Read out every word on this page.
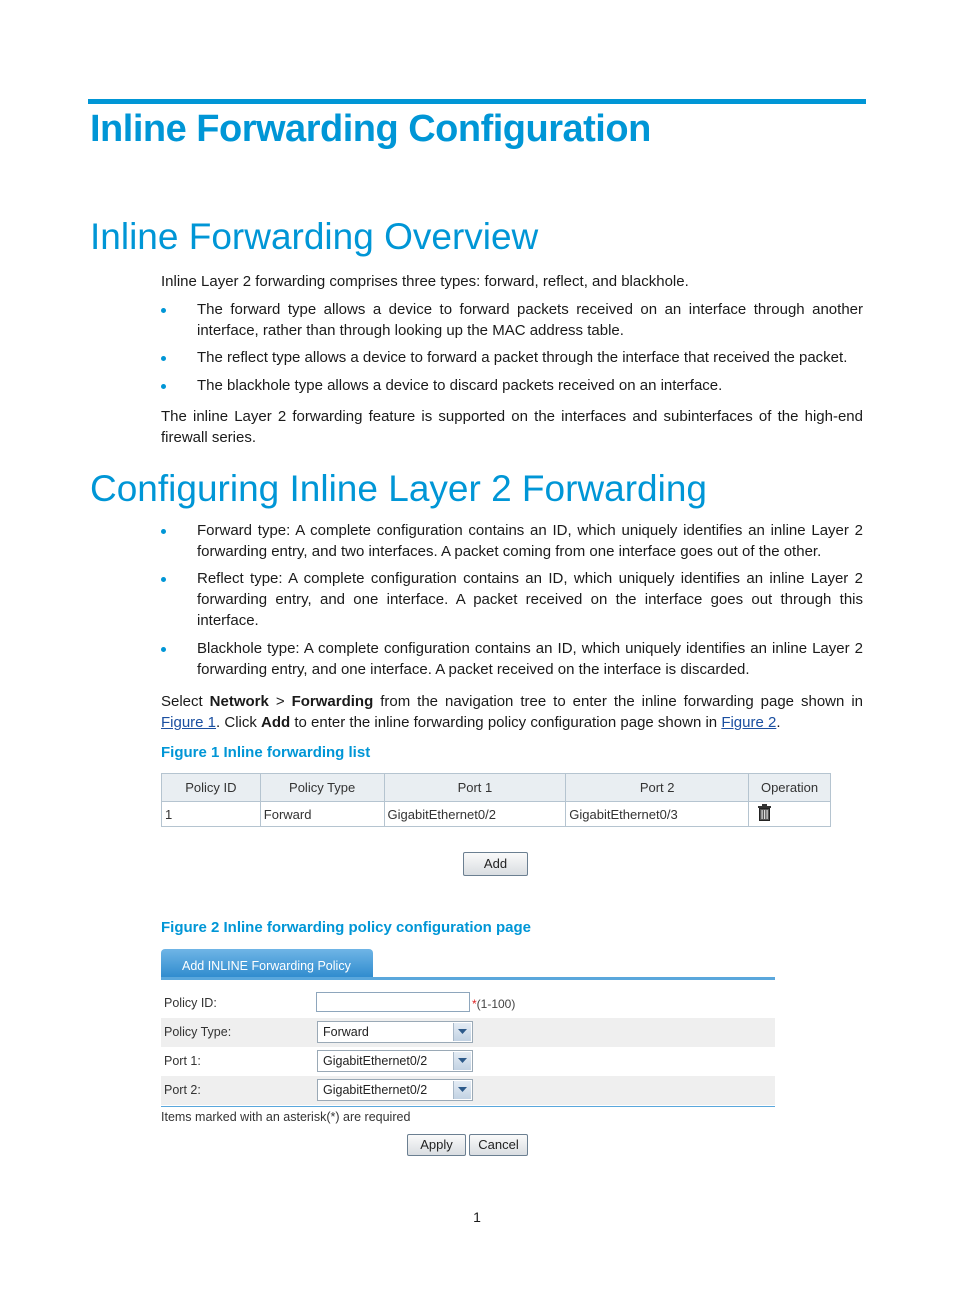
Inline Forwarding Configuration
Inline Forwarding Overview

Inline Layer 2 forwarding comprises three types: forward, reflect, and blackhole.

The forward type allows a device to forward packets received on an interface through another interface, rather than through looking up the MAC address table.
The reflect type allows a device to forward a packet through the interface that received the packet.
The blackhole type allows a device to discard packets received on an interface.

The inline Layer 2 forwarding feature is supported on the interfaces and subinterfaces of the high-end firewall series.

Configuring Inline Layer 2 Forwarding
Forward type: A complete configuration contains an ID, which uniquely identifies an inline Layer 2 forwarding entry, and two interfaces. A packet coming from one interface goes out of the other.
Reflect type: A complete configuration contains an ID, which uniquely identifies an inline Layer 2 forwarding entry, and one interface. A packet received on the interface goes out through this interface.
Blackhole type: A complete configuration contains an ID, which uniquely identifies an inline Layer 2 forwarding entry, and one interface. A packet received on the interface is discarded.

Select Network > Forwarding from the navigation tree to enter the inline forwarding page shown in Figure 1. Click Add to enter the inline forwarding policy configuration page shown in Figure 2.

Figure 1 Inline forwarding list

Policy ID	Policy Type	Port 1	Port 2	Operation
1	Forward	GigabitEthernet0/2	GigabitEthernet0/3	
Add

Figure 2 Inline forwarding policy configuration page

Add INLINE Forwarding Policy
Policy ID:	*(1-100)
Policy Type:	Forward
Port 1:	GigabitEthernet0/2
Port 2:	GigabitEthernet0/2
Items marked with an asterisk(*) are required
Apply	Cancel
1
